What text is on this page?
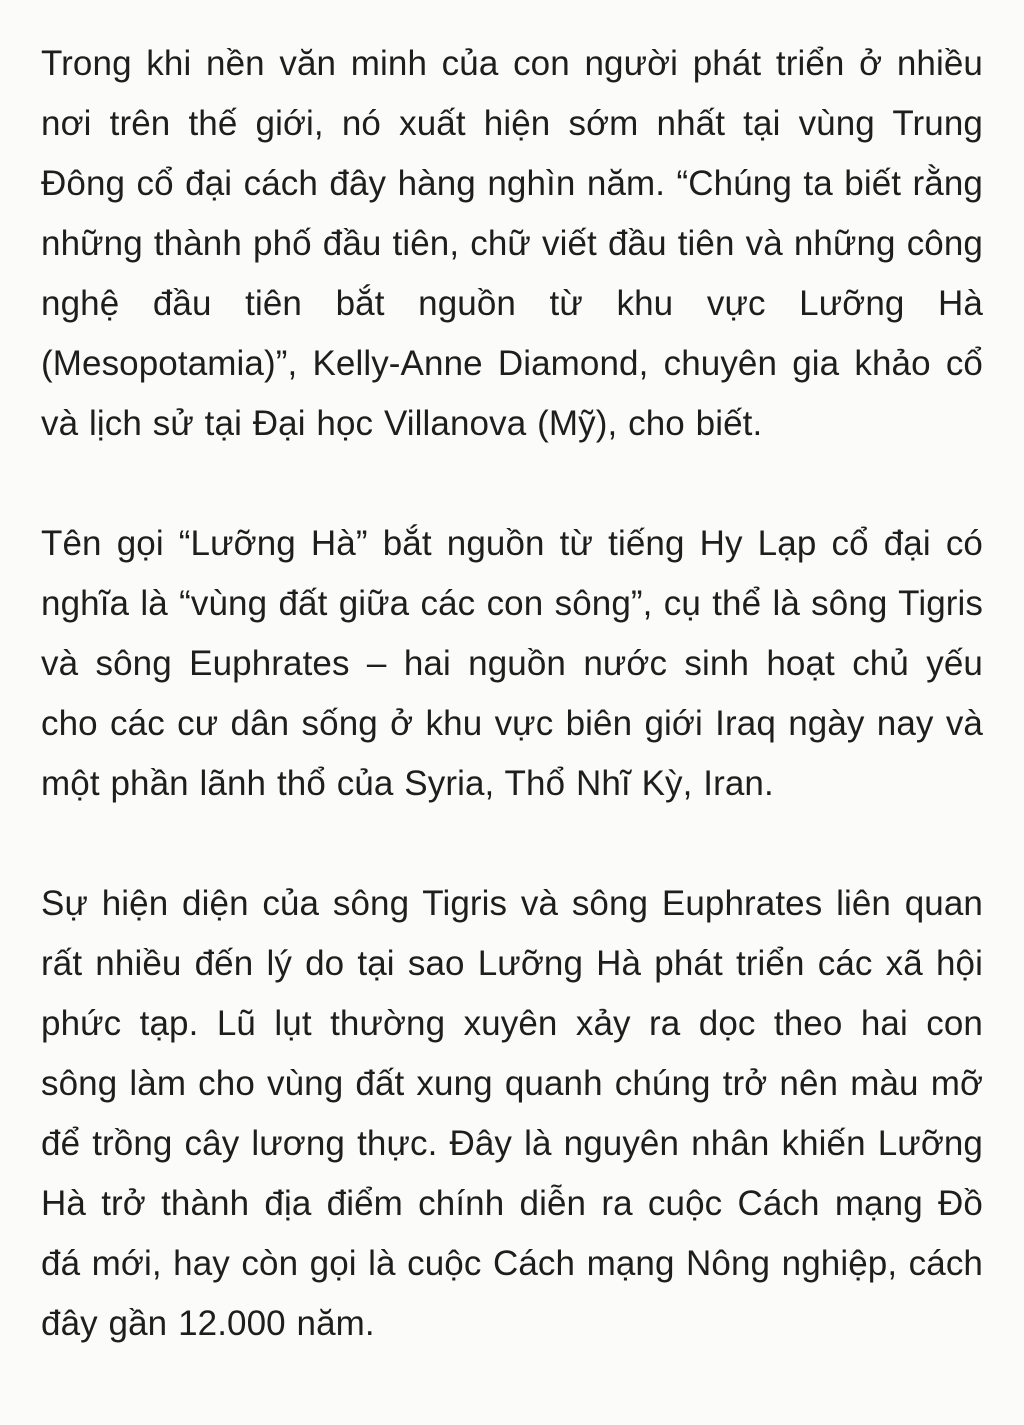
Trong khi nền văn minh của con người phát triển ở nhiều nơi trên thế giới, nó xuất hiện sớm nhất tại vùng Trung Đông cổ đại cách đây hàng nghìn năm. “Chúng ta biết rằng những thành phố đầu tiên, chữ viết đầu tiên và những công nghệ đầu tiên bắt nguồn từ khu vực Lưỡng Hà (Mesopotamia)”, Kelly-Anne Diamond, chuyên gia khảo cổ và lịch sử tại Đại học Villanova (Mỹ), cho biết.

Tên gọi “Lưỡng Hà” bắt nguồn từ tiếng Hy Lạp cổ đại có nghĩa là “vùng đất giữa các con sông”, cụ thể là sông Tigris và sông Euphrates – hai nguồn nước sinh hoạt chủ yếu cho các cư dân sống ở khu vực biên giới Iraq ngày nay và một phần lãnh thổ của Syria, Thổ Nhĩ Kỳ, Iran.

Sự hiện diện của sông Tigris và sông Euphrates liên quan rất nhiều đến lý do tại sao Lưỡng Hà phát triển các xã hội phức tạp. Lũ lụt thường xuyên xảy ra dọc theo hai con sông làm cho vùng đất xung quanh chúng trở nên màu mỡ để trồng cây lương thực. Đây là nguyên nhân khiến Lưỡng Hà trở thành địa điểm chính diễn ra cuộc Cách mạng Đồ đá mới, hay còn gọi là cuộc Cách mạng Nông nghiệp, cách đây gần 12.000 năm.
